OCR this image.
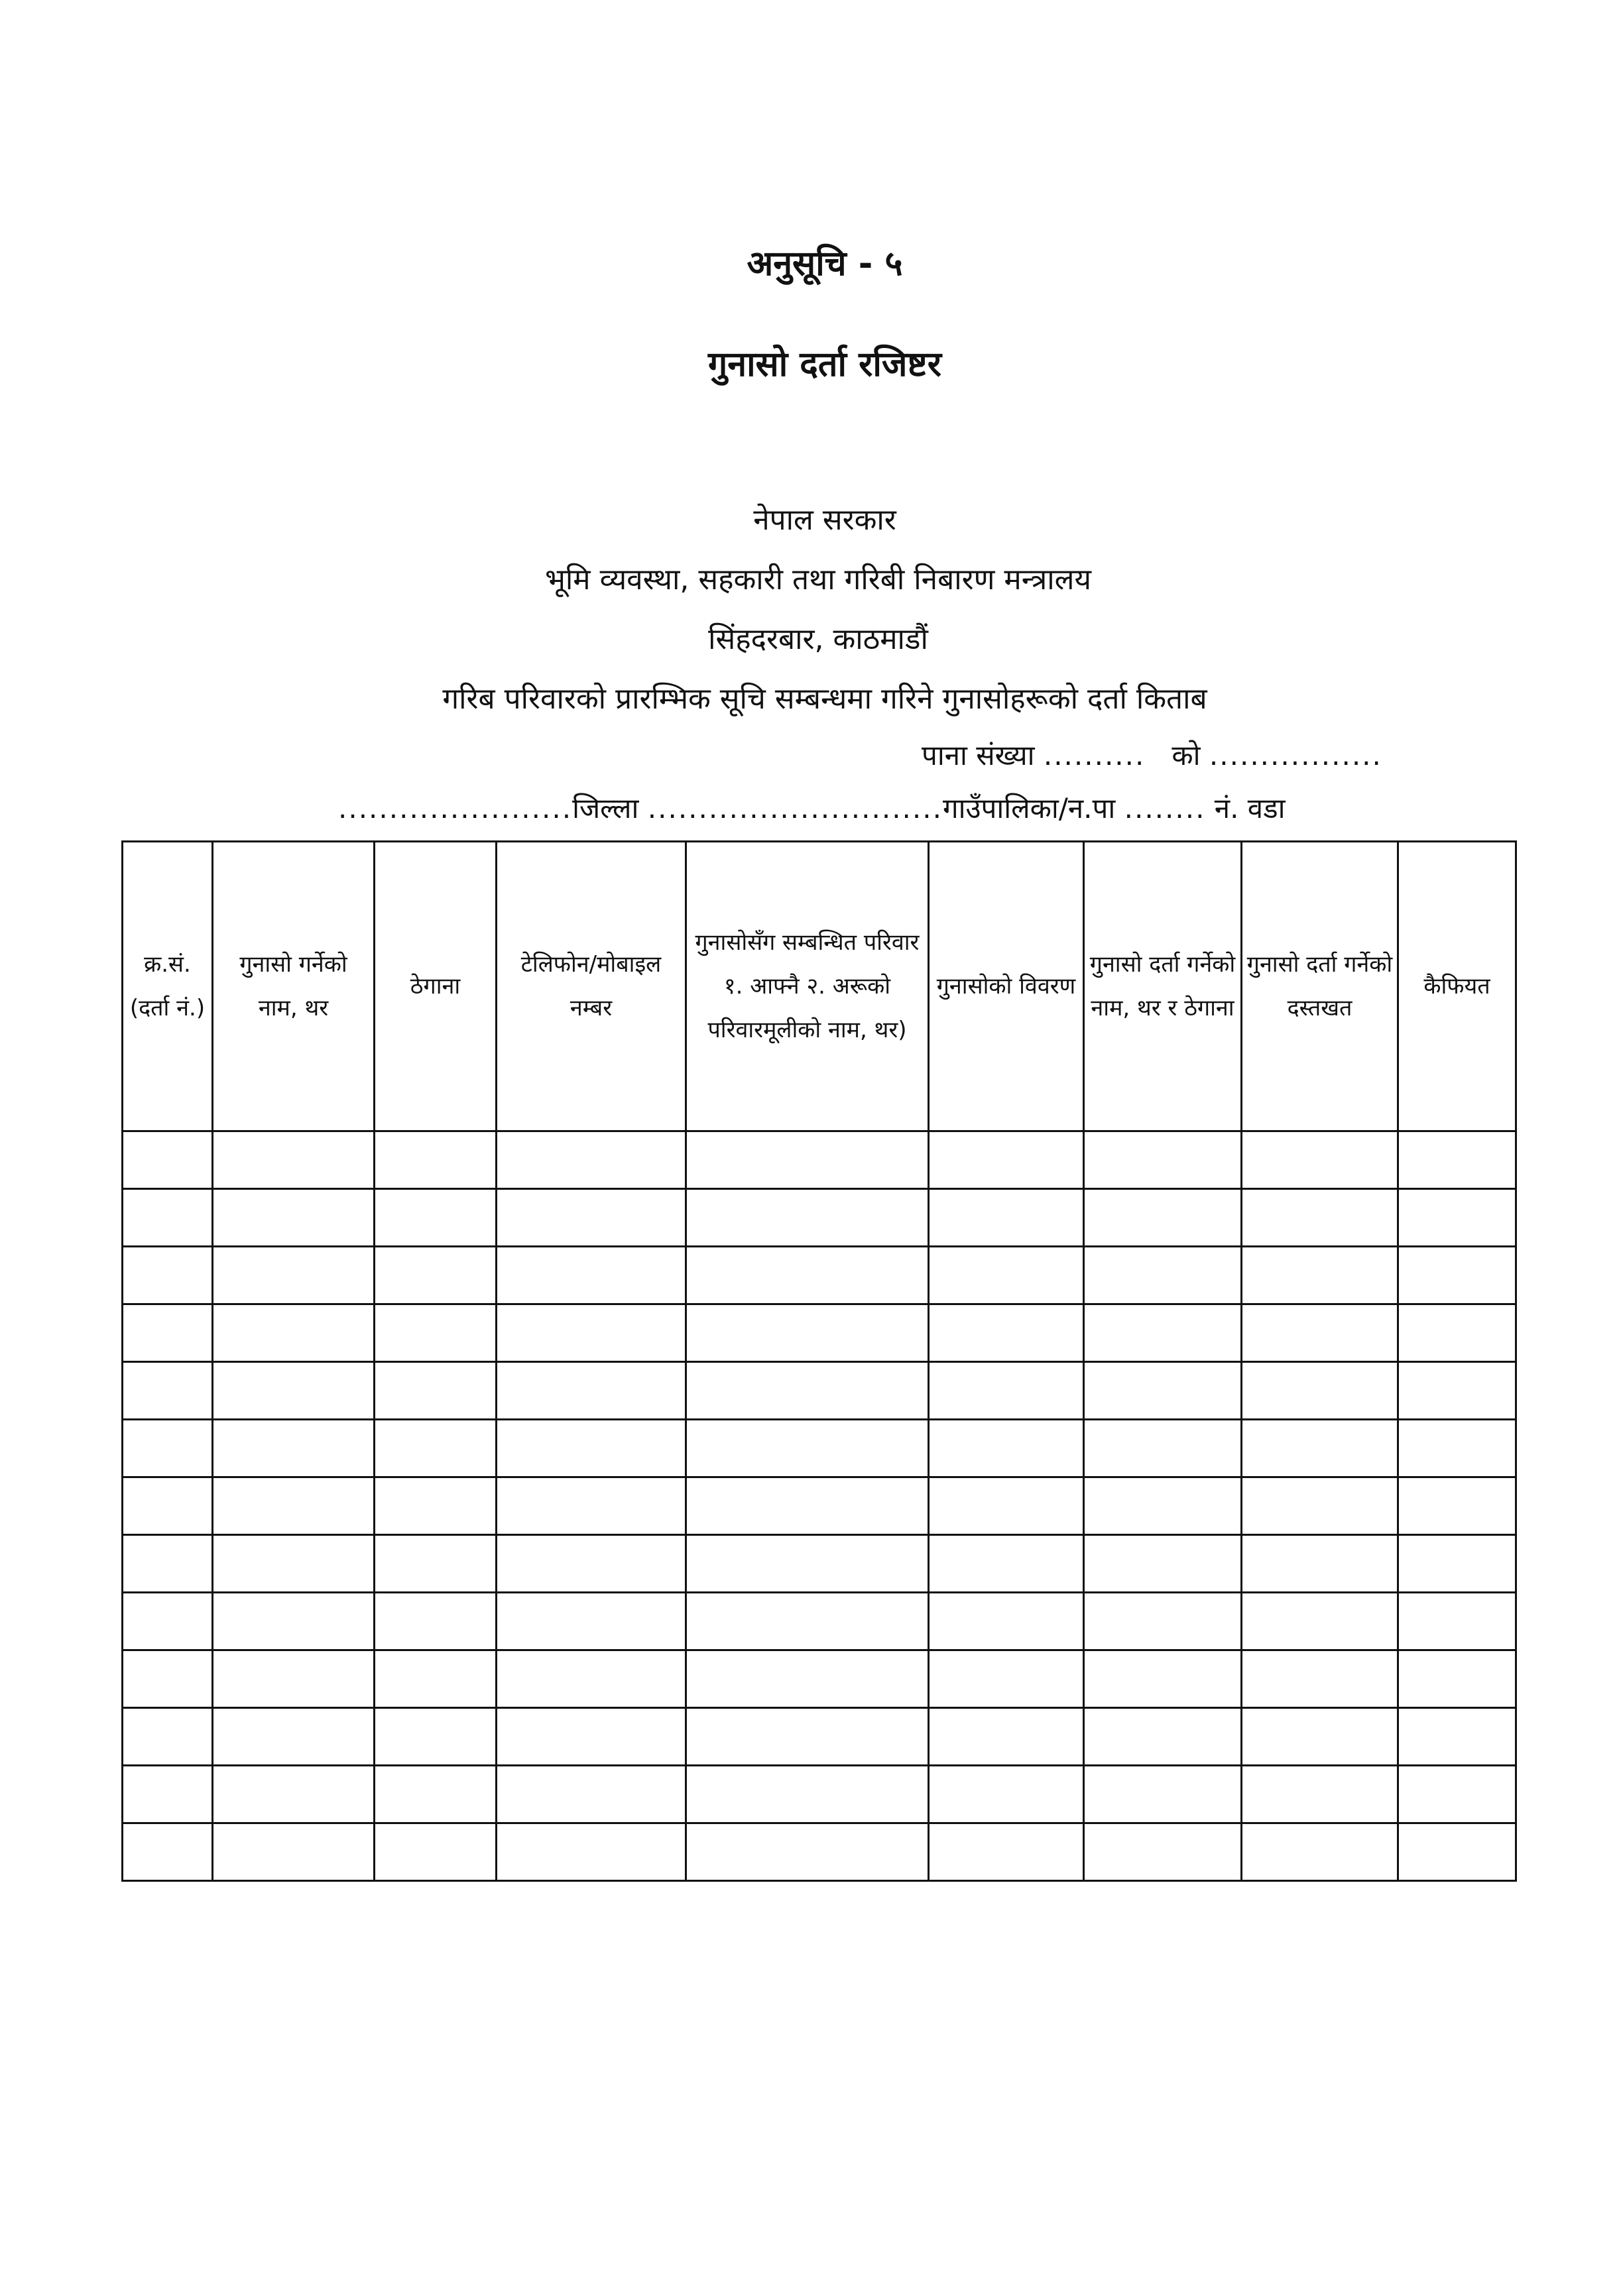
अनुसूचि - ५
गुनासो दर्ता रजिष्टर
नेपाल सरकार
भूमि व्यवस्था, सहकारी तथा गरिबी निबारण मन्त्रालय
सिंहदरबार, काठमाडौं
गरिब परिवारको प्रारम्भिक सूचि सम्बन्धमा गरिने गुनासोहरूको दर्ता किताब
पाना संख्या .......... को .................
.......................जिल्ला .............................गाउँपालिका/न.पा ........ नं. वडा
क्र.सं. (दर्ता नं.)	गुनासो गर्नेको नाम, थर	ठेगाना	टेलिफोन/मोबाइल नम्बर	गुनासोसँग सम्बन्धित परिवार १. आफ्नै २. अरूको परिवारमूलीको नाम, थर)	गुनासोको विवरण	गुनासो दर्ता गर्नेको नाम, थर र ठेगाना	गुनासो दर्ता गर्नेको दस्तखत	कैफियत
